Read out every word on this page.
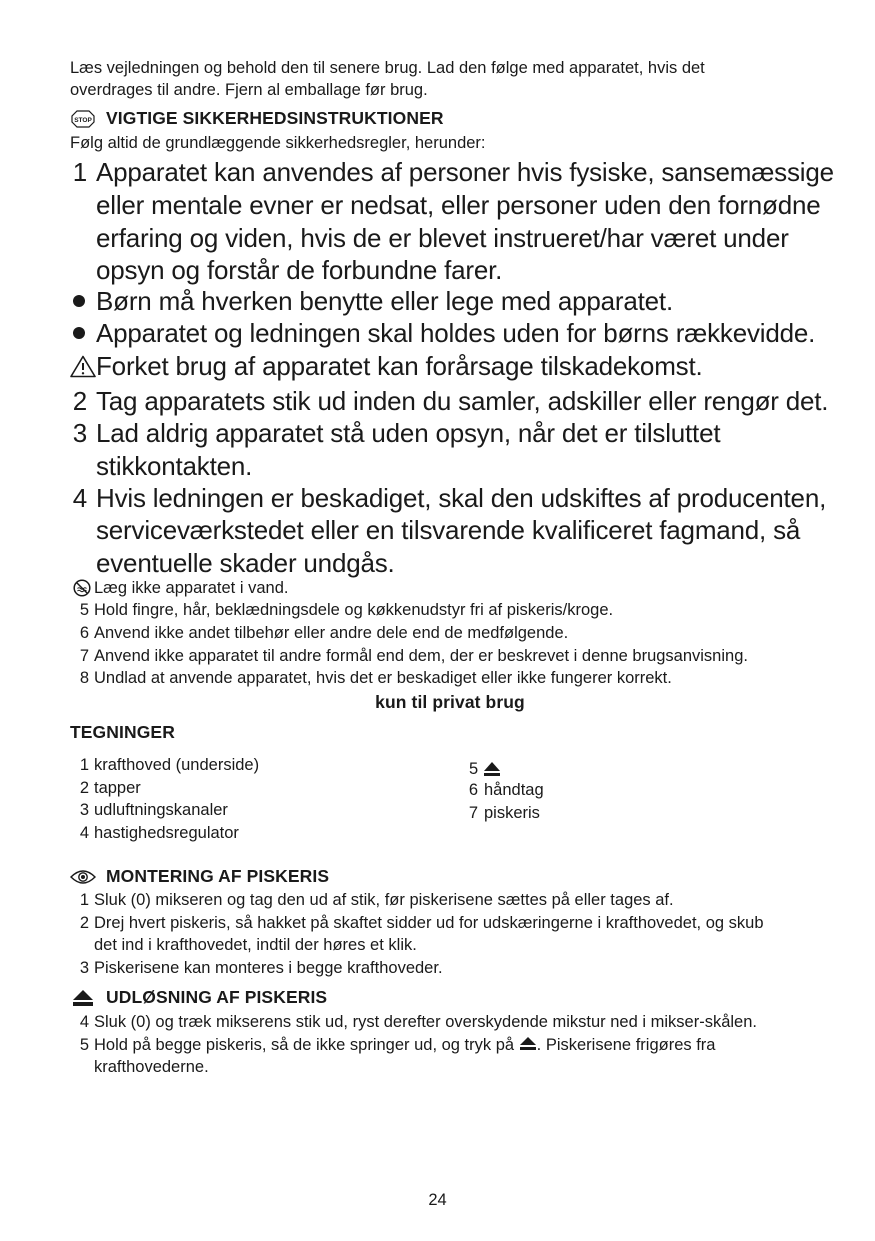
Læs vejledningen og behold den til senere brug. Lad den følge med apparatet, hvis det
overdrages til andre. Fjern al emballage før brug.
STOP VIGTIGE SIKKERHEDSINSTRUKTIONER
Følg altid de grundlæggende sikkerhedsregler, herunder:
1 Apparatet kan anvendes af personer hvis fysiske, sansemæssige
eller mentale evner er nedsat, eller personer uden den fornødne
erfaring og viden, hvis de er blevet instrueret/har været under
opsyn og forstår de forbundne farer.
Børn må hverken benytte eller lege med apparatet.
Apparatet og ledningen skal holdes uden for børns rækkevidde.
Forket brug af apparatet kan forårsage tilskadekomst.
2 Tag apparatets stik ud inden du samler, adskiller eller rengør det.
3 Lad aldrig apparatet stå uden opsyn, når det er tilsluttet
stikkontakten.
4 Hvis ledningen er beskadiget, skal den udskiftes af producenten,
serviceværkstedet eller en tilsvarende kvalificeret fagmand, så
eventuelle skader undgås.
Læg ikke apparatet i vand.
5 Hold fingre, hår, beklædningsdele og køkkenudstyr fri af piskeris/kroge.
6 Anvend ikke andet tilbehør eller andre dele end de medfølgende.
7 Anvend ikke apparatet til andre formål end dem, der er beskrevet i denne brugsanvisning.
8 Undlad at anvende apparatet, hvis det er beskadiget eller ikke fungerer korrekt.
kun til privat brug
TEGNINGER
1 krafthoved (underside)
2 tapper
3 udluftningskanaler
4 hastighedsregulator
5
6 håndtag
7 piskeris
MONTERING AF PISKERIS
1 Sluk (0) mikseren og tag den ud af stik, før piskerisene sættes på eller tages af.
2 Drej hvert piskeris, så hakket på skaftet sidder ud for udskæringerne i krafthovedet, og skub
det ind i krafthovedet, indtil der høres et klik.
3 Piskerisene kan monteres i begge krafthoveder.
UDLØSNING AF PISKERIS
4 Sluk (0) og træk mikserens stik ud, ryst derefter overskydende mikstur ned i mikser-skålen.
5 Hold på begge piskeris, så de ikke springer ud, og tryk på
. Piskerisene frigøres fra
krafthovederne.
24
